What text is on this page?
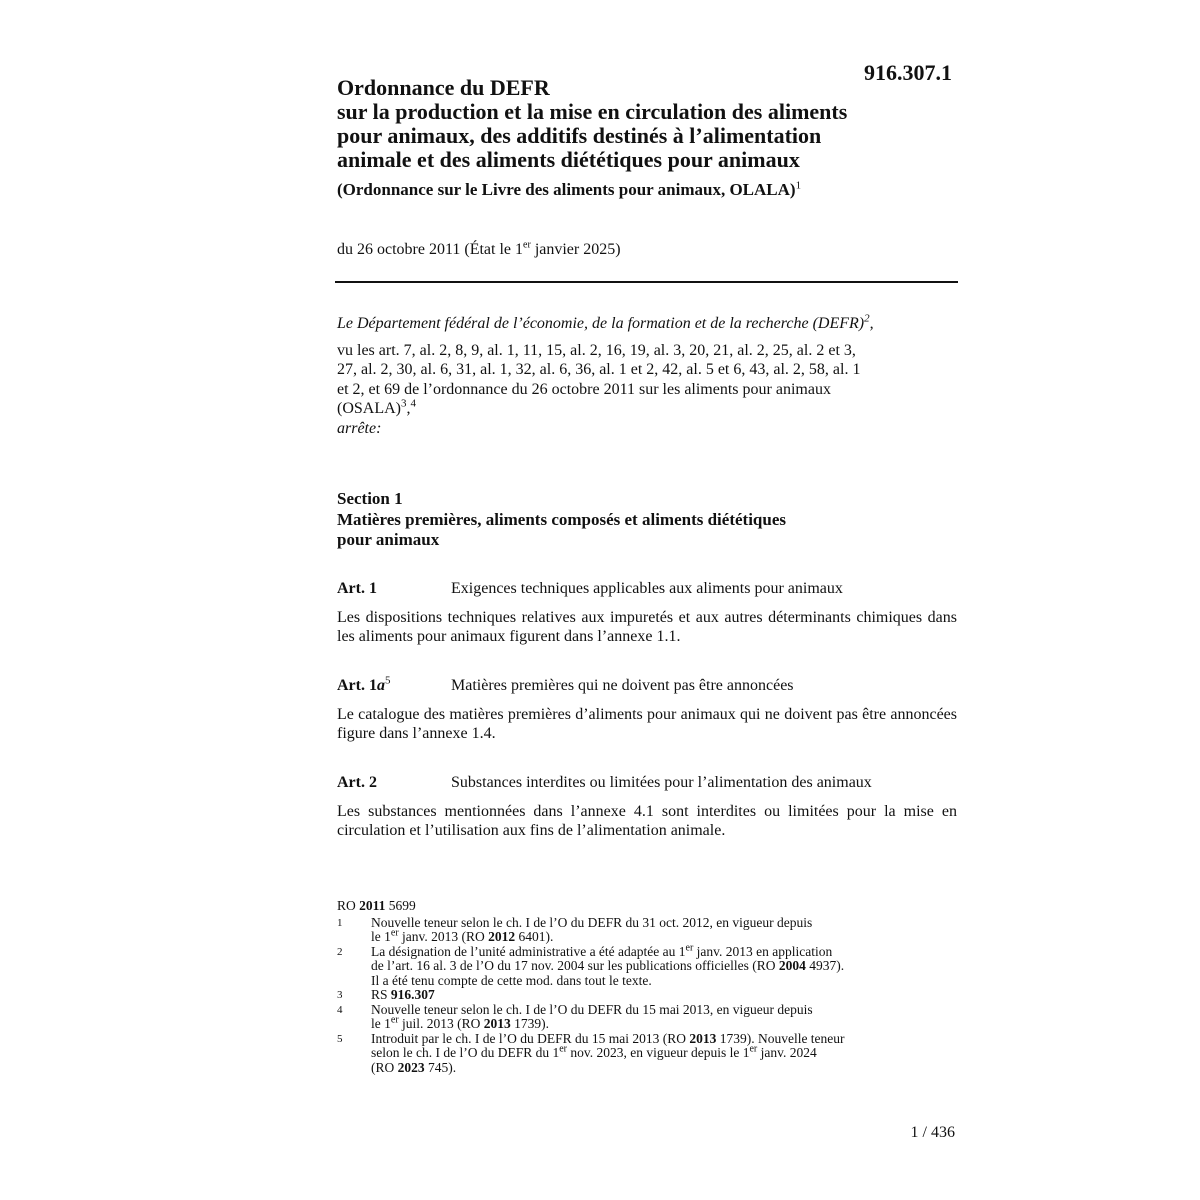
916.307.1
Ordonnance du DEFR
sur la production et la mise en circulation des aliments
pour animaux, des additifs destinés à l’alimentation
animale et des aliments diététiques pour animaux
(Ordonnance sur le Livre des aliments pour animaux, OLALA)$^1$
du 26 octobre 2011 (État le 1er janvier 2025)

Le Département fédéral de l’économie, de la formation et de la recherche (DEFR)$^2$,

vu les art. 7, al. 2, 8, 9, al. 1, 11, 15, al. 2, 16, 19, al. 3, 20, 21, al. 2, 25, al. 2 et 3,
27, al. 2, 30, al. 6, 31, al. 1, 32, al. 6, 36, al. 1 et 2, 42, al. 5 et 6, 43, al. 2, 58, al. 1
et 2, et 69 de l’ordonnance du 26 octobre 2011 sur les aliments pour animaux
(OSALA)$^3$,$^4$

arrête:

Section 1
Matières premières, aliments composés et aliments diététiques
pour animaux
Art. 1	Exigences techniques applicables aux aliments pour animaux
Les dispositions techniques relatives aux impuretés et aux autres déterminants chimiques dans les aliments pour animaux figurent dans l’annexe 1.1.
Art. 1a$^5$	Matières premières qui ne doivent pas être annoncées
Le catalogue des matières premières d’aliments pour animaux qui ne doivent pas être annoncées figure dans l’annexe 1.4.
Art. 2	Substances interdites ou limitées pour l’alimentation des animaux
Les substances mentionnées dans l’annexe 4.1 sont interdites ou limitées pour la mise en circulation et l’utilisation aux fins de l’alimentation animale.
RO 2011 5699
1	Nouvelle teneur selon le ch. I de l’O du DEFR du 31 oct. 2012, en vigueur depuis
le 1er janv. 2013 (RO 2012 6401).
2	La désignation de l’unité administrative a été adaptée au 1er janv. 2013 en application
de l’art. 16 al. 3 de l’O du 17 nov. 2004 sur les publications officielles (RO 2004 4937).
Il a été tenu compte de cette mod. dans tout le texte.
3	RS 916.307
4	Nouvelle teneur selon le ch. I de l’O du DEFR du 15 mai 2013, en vigueur depuis
le 1er juil. 2013 (RO 2013 1739).
5	Introduit par le ch. I de l’O du DEFR du 15 mai 2013 (RO 2013 1739). Nouvelle teneur
selon le ch. I de l’O du DEFR du 1er nov. 2023, en vigueur depuis le 1er janv. 2024
(RO 2023 745).
1 / 436
